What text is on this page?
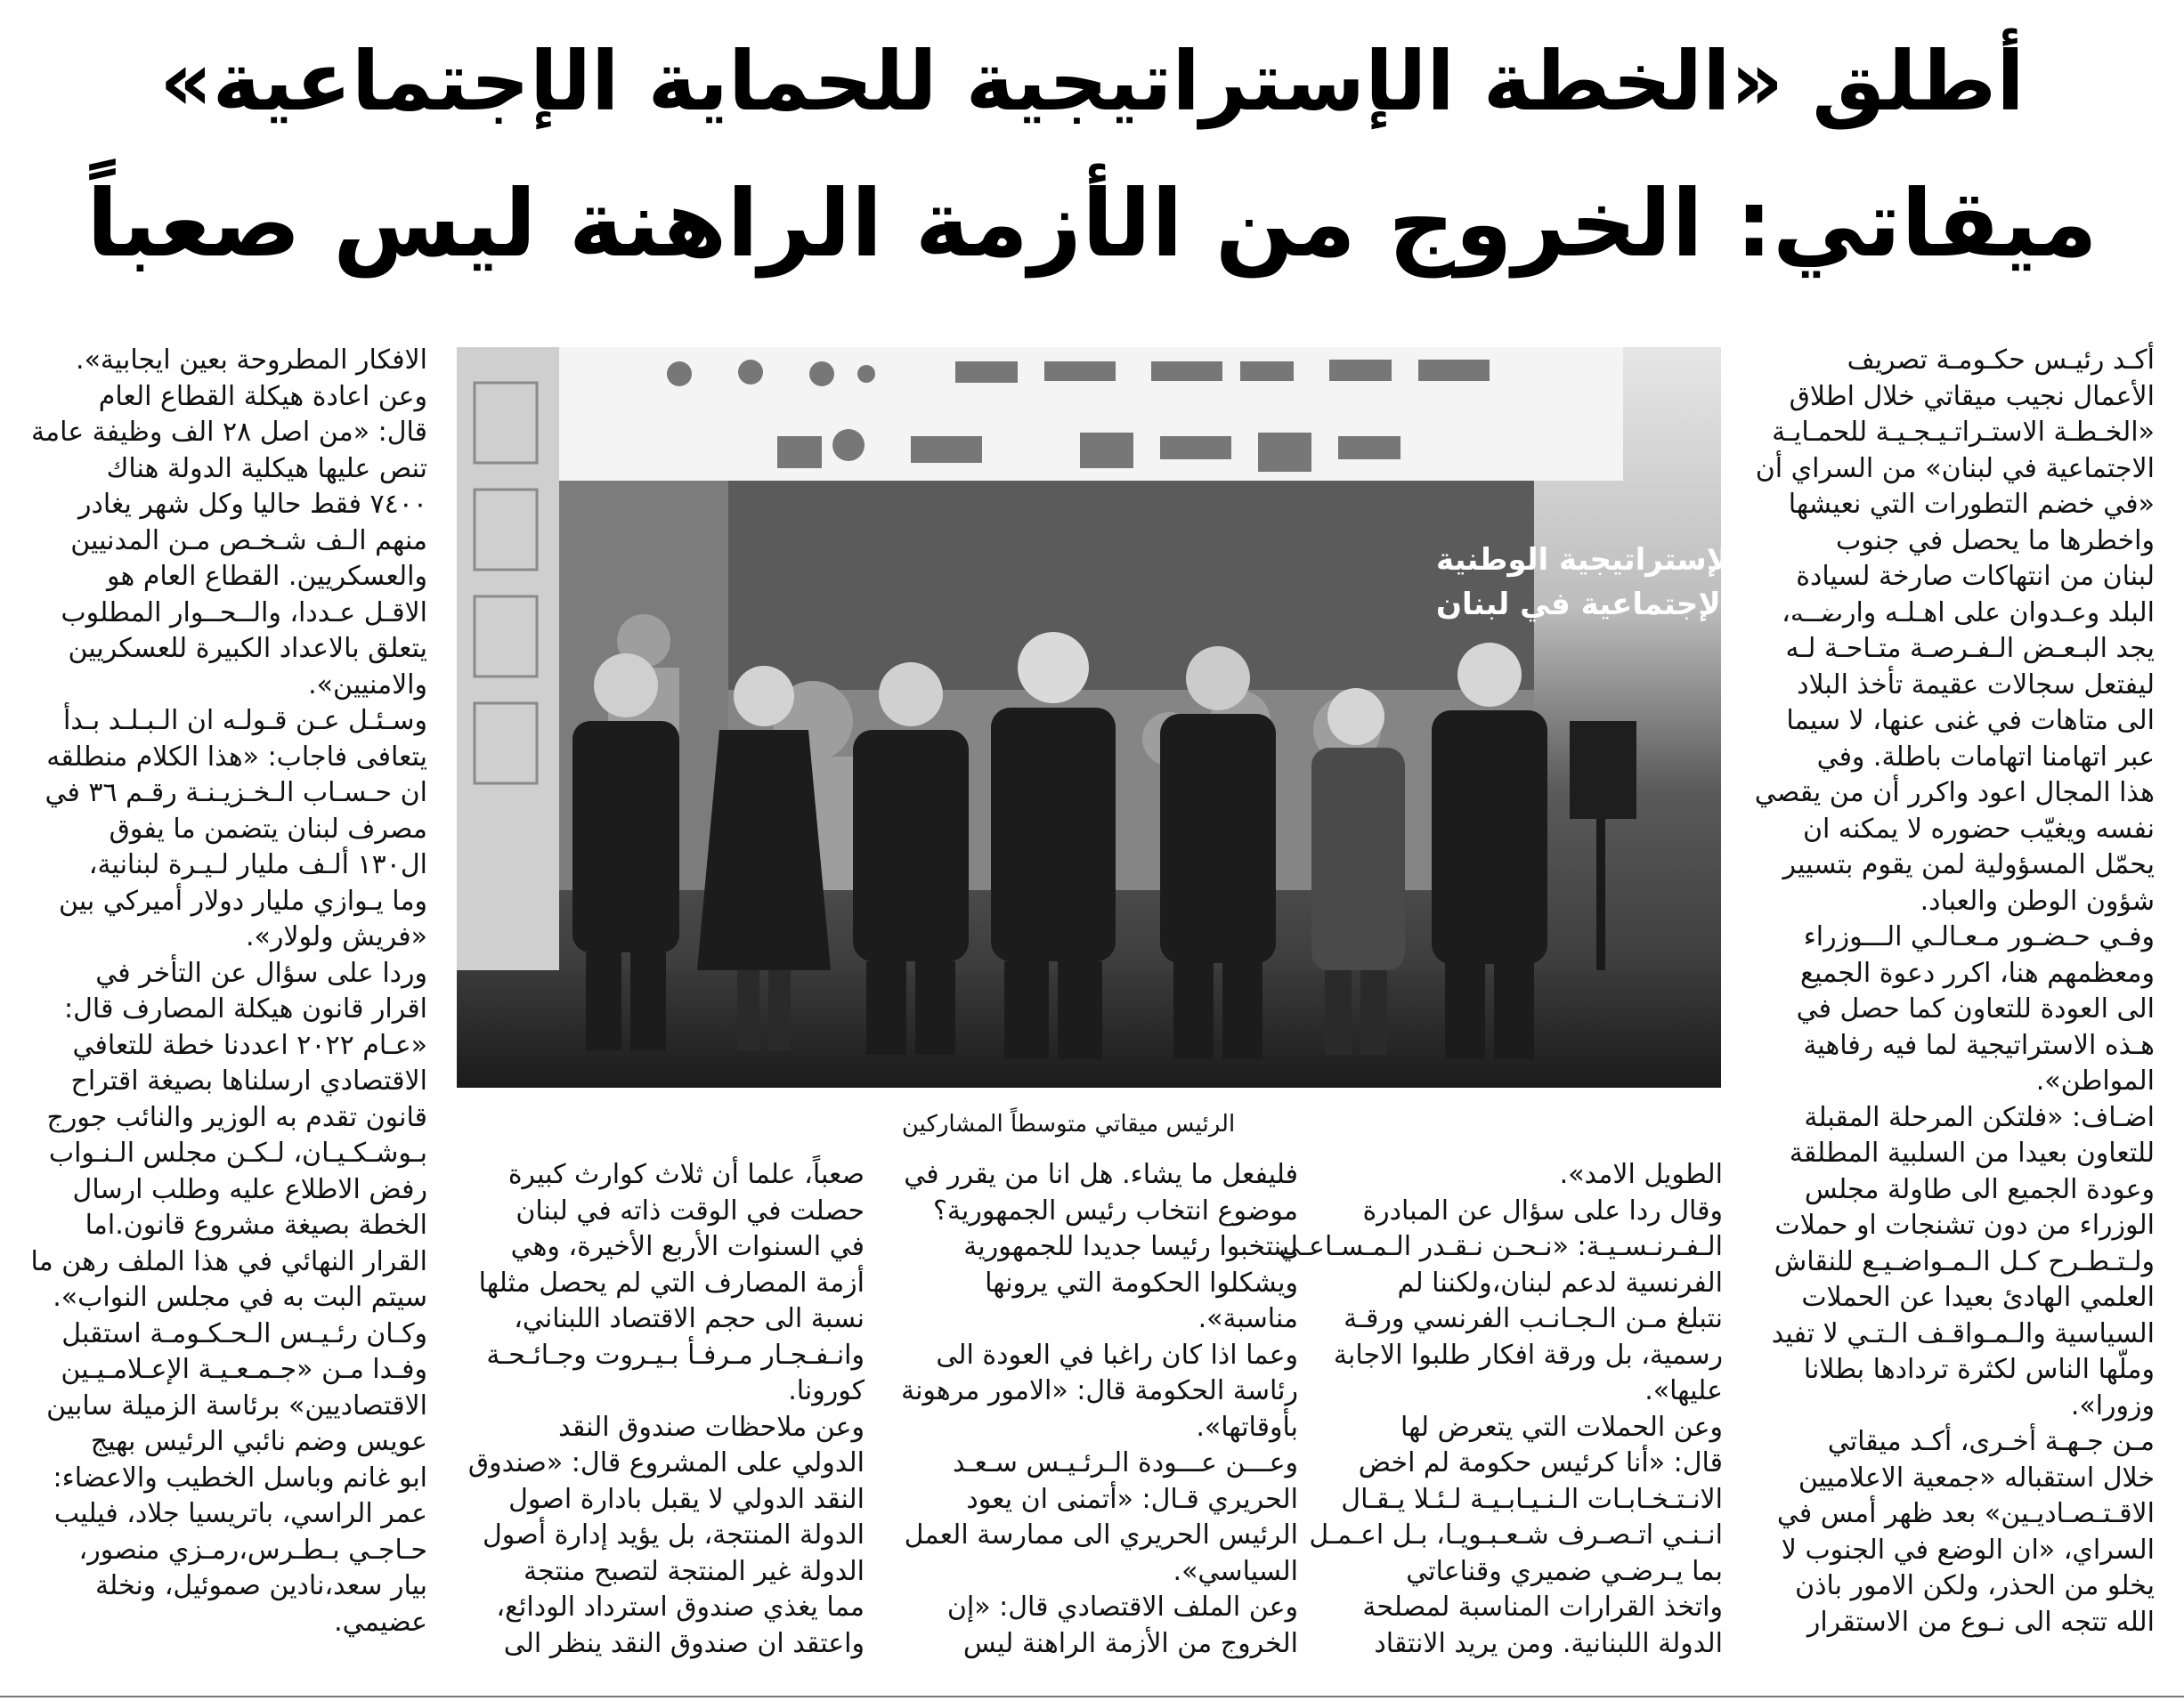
أطلق «الخطة الإستراتيجية للحماية الإجتماعية»
ميقاتي: الخروج من الأزمة الراهنة ليس صعباً
أكـد رئيـس حكـومـة تصريف
الأعمال نجيب ميقاتي خلال اطلاق
«الخـطـة الاستـراتـيـجـيـة للحمـايـة
الاجتماعية في لبنان» من السراي أن
«في خضم التطورات التي نعيشها
واخطرها ما يحصل في جنوب
لبنان من انتهاكات صارخة لسيادة
البلد وعـدوان على اهـلـه وارضــه،
يجد البـعـض الـفـرصـة متـاحـة لـه
ليفتعل سجالات عقيمة تأخذ البلاد
الى متاهات في غنى عنها، لا سيما
عبر اتهامنا اتهامات باطلة. وفي
هذا المجال اعود واكرر أن من يقصي
نفسه ويغيّب حضوره لا يمكنه ان
يحمّل المسؤولية لمن يقوم بتسيير
شؤون الوطن والعباد.
وفـي حـضـور مـعـالـي الـــوزراء
ومعظمهم هنا، اكرر دعوة الجميع
الى العودة للتعاون كما حصل في
هـذه الاستراتيجية لما فيه رفاهية
المواطن».
اضـاف: «فلتكن المرحلة المقبلة
للتعاون بعيدا من السلبية المطلقة
وعودة الجميع الى طاولة مجلس
الوزراء من دون تشنجات او حملات
ولـتـطـرح كـل الـمـواضـيـع للنقاش
العلمي الهادئ بعيدا عن الحملات
السياسية والـمـواقـف الـتـي لا تفيد
وملّها الناس لكثرة تردادها بطلانا
وزورا».
مـن جـهـة أخـرى، أكـد ميقاتي
خلال استقباله «جمعية الاعلاميين
الاقـتـصـاديـين» بعد ظهر أمس في
السراي، «ان الوضع في الجنوب لا
يخلو من الحذر، ولكن الامور باذن
الله تتجه الى نـوع من الاستقرار
الافكار المطروحة بعين ايجابية».
وعن اعادة هيكلة القطاع العام
قال: «من اصل ٢٨ الف وظيفة عامة
تنص عليها هيكلية الدولة هناك
٧٤٠٠ فقط حاليا وكل شهر يغادر
منهم الـف شـخـص مـن المدنيين
والعسكريين. القطاع العام هو
الاقـل عـددا، والــحــوار المطلوب
يتعلق بالاعداد الكبيرة للعسكريين
والامنيين».
وسـئـل عـن قـولـه ان الـبـلـد بـدأ
يتعافى فاجاب: «هذا الكلام منطلقه
ان حـسـاب الـخـزيـنـة رقـم ٣٦ في
مصرف لبنان يتضمن ما يفوق
ال١٣٠ ألـف مليار لـيـرة لبنانية،
وما يـوازي مليار دولار أميركي بين
«فريش ولولار».
وردا على سؤال عن التأخر في
اقرار قانون هيكلة المصارف قال:
«عـام ٢٠٢٢ اعددنا خطة للتعافي
الاقتصادي ارسلناها بصيغة اقتراح
قانون تقدم به الوزير والنائب جورج
بـوشـكـيـان، لـكـن مجلس الـنـواب
رفض الاطلاع عليه وطلب ارسال
الخطة بصيغة مشروع قانون.اما
القرار النهائي في هذا الملف رهن ما
سيتم البت به في مجلس النواب».
وكـان رئـيـس الـحـكـومـة استقبل
وفـدا مـن «جـمـعـيـة الإعـلامـيـين
الاقتصاديين» برئاسة الزميلة سابين
عويس وضم نائبي الرئيس بهيج
ابو غانم وباسل الخطيب والاعضاء:
عمر الراسي، باتريسيا جلاد، فيليب
حـاجـي بـطـرس،رمـزي منصور،
بيار سعد،نادين صموئيل، ونخلة
عضيمي.
الإستراتيجية الوطنية
للحماية الإجتماعية في لبنان
الرئيس ميقاتي متوسطاً المشاركين
الطويل الامد».
وقال ردا على سؤال عن المبادرة
الـفـرنـسـيـة: «نـحـن نـقـدر الـمـسـاعـي
الفرنسية لدعم لبنان،ولكننا لم
نتبلغ مـن الـجـانـب الفرنسي ورقـة
رسمية، بل ورقة افكار طلبوا الاجابة
عليها».
وعن الحملات التي يتعرض لها
قال: «أنا كرئيس حكومة لم اخض
الانـتـخـابـات الـنـيـابـيـة لـئـلا يـقـال
انـنـي اتـصـرف شـعـبـويـا، بـل اعـمـل
بما يـرضـي ضميري وقناعاتي
واتخذ القرارات المناسبة لمصلحة
الدولة اللبنانية. ومن يريد الانتقاد
فليفعل ما يشاء. هل انا من يقرر في
موضوع انتخاب رئيس الجمهورية؟
لينتخبوا رئيسا جديدا للجمهورية
ويشكلوا الحكومة التي يرونها
مناسبة».
وعما اذا كان راغبا في العودة الى
رئاسة الحكومة قال: «الامور مرهونة
بأوقاتها».
وعـــن عـــودة الـرئـيـس سـعـد
الحريري قـال: «أتمنى ان يعود
الرئيس الحريري الى ممارسة العمل
السياسي».
وعن الملف الاقتصادي قال: «إن
الخروج من الأزمة الراهنة ليس
صعباً، علما أن ثلاث كوارث كبيرة
حصلت في الوقت ذاته في لبنان
في السنوات الأربع الأخيرة، وهي
أزمة المصارف التي لم يحصل مثلها
نسبة الى حجم الاقتصاد اللبناني،
وانـفـجـار مـرفـأ بـيـروت وجـائـحـة
كورونا.
وعن ملاحظات صندوق النقد
الدولي على المشروع قال: «صندوق
النقد الدولي لا يقبل بادارة اصول
الدولة المنتجة، بل يؤيد إدارة أصول
الدولة غير المنتجة لتصبح منتجة
مما يغذي صندوق استرداد الودائع،
واعتقد ان صندوق النقد ينظر الى
